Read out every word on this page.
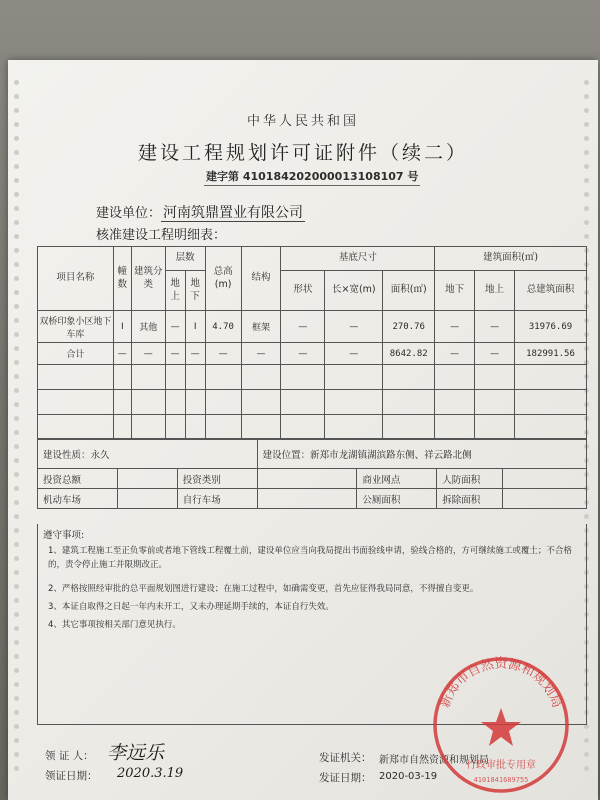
中华人民共和国
建设工程规划许可证附件（续二）
建字第 410184202000013108107 号
建设单位： 河南筑鼎置业有限公司
核准建设工程明细表：
项目名称	幢数	建筑分类	层数		总高(m)	结构	基底尺寸			建筑面积(㎡)		
			地上	地下			形状	长×宽(m)	面积(㎡)	地下	地上	总建筑面积
双桥印象小区地下车库	Ⅰ	其他	—	Ⅰ	4.70	框架	—	—	270.76	—	—	31976.69
合计	—	—	—	—	—	—	—	—	8642.82	—	—	182991.56

建设性质：永久			建设位置：新郑市龙湖镇湖滨路东侧、祥云路北侧			
投资总额		投资类别		商业网点	人防面积	
机动车场		自行车场		公厕面积	拆除面积	
遵守事项:
1、建筑工程施工至正负零前或者地下管线工程覆土前，建设单位应当向我局提出书面验线申请，验线合格的，方可继续施工或覆土；不合格的，责令停止施工并限期改正。
2、严格按照经审批的总平面规划图进行建设；在施工过程中，如确需变更，首先应征得我局同意，不得擅自变更。
3、本证自取得之日起一年内未开工，又未办理延期手续的，本证自行失效。
4、其它事项按相关部门意见执行。
领 证 人： 李远乐
领证日期： 2020.3.19
发证机关： 新郑市自然资源和规划局
发证日期： 2020-03-19
新郑市自然资源和规划局
行政审批专用章
4101841689755
